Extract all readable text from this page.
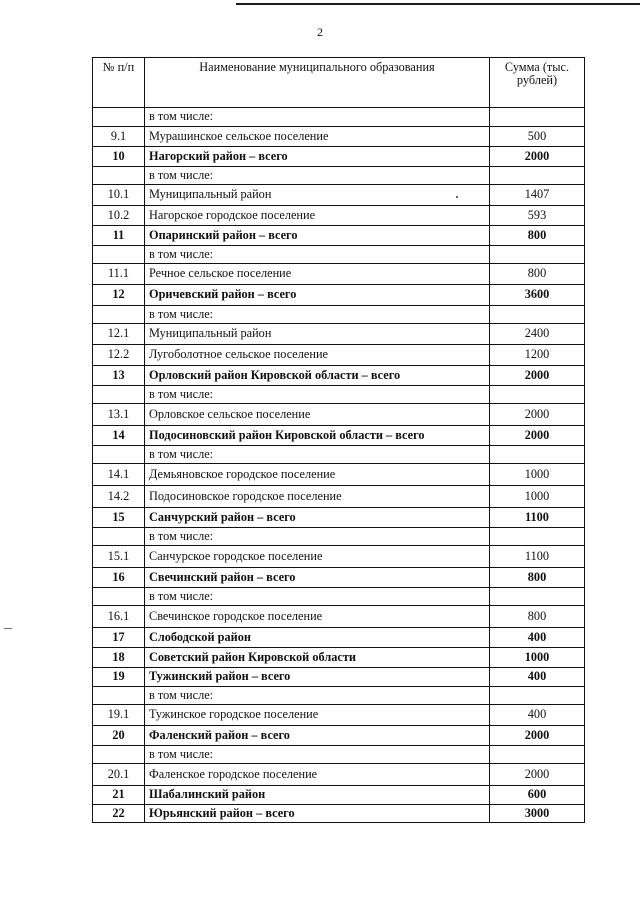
2
№ п/п	Наименование муниципального образования	Сумма (тыс. рублей)
	в том числе:	
9.1	Мурашинское сельское поселение	500
10	Нагорский район – всего	2000
	в том числе:	
10.1	Муниципальный район	1407
10.2	Нагорское городское поселение	593
11	Опаринский район – всего	800
	в том числе:	
11.1	Речное сельское поселение	800
12	Оричевский район – всего	3600
	в том числе:	
12.1	Муниципальный район	2400
12.2	Лугоболотное сельское поселение	1200
13	Орловский район Кировской области – всего	2000
	в том числе:	
13.1	Орловское сельское поселение	2000
14	Подосиновский район Кировской области – всего	2000
	в том числе:	
14.1	Демьяновское городское поселение	1000
14.2	Подосиновское городское поселение	1000
15	Санчурский район – всего	1100
	в том числе:	
15.1	Санчурское городское поселение	1100
16	Свечинский район – всего	800
	в том числе:	
16.1	Свечинское городское поселение	800
17	Слободской район	400
18	Советский район Кировской области	1000
19	Тужинский район – всего	400
	в том числе:	
19.1	Тужинское городское поселение	400
20	Фаленский район – всего	2000
	в том числе:	
20.1	Фаленское городское поселение	2000
21	Шабалинский район	600
22	Юрьянский район – всего	3000
